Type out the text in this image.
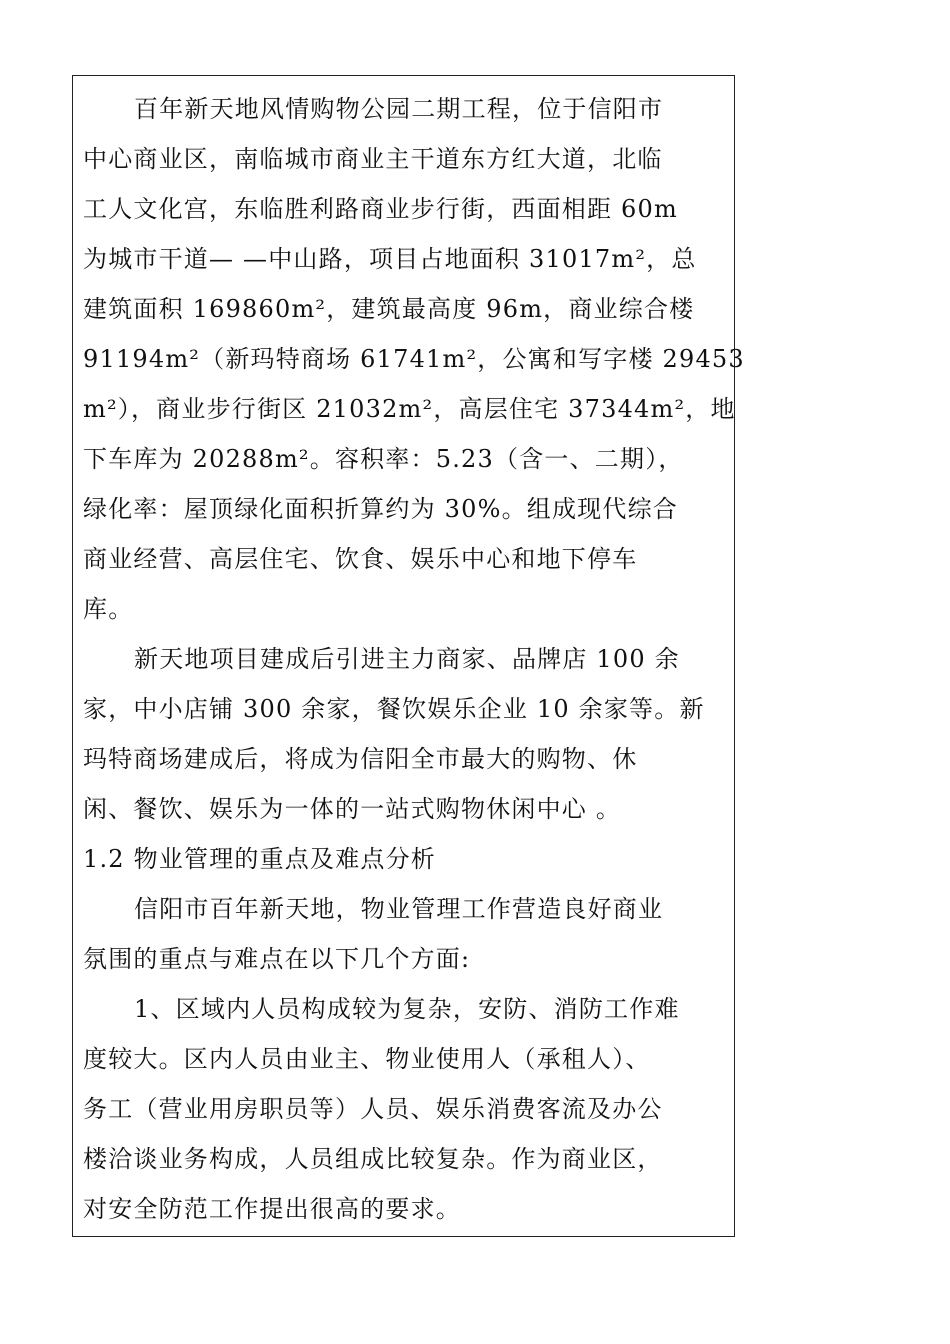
百年新天地风情购物公园二期工程，位于信阳市
中心商业区，南临城市商业主干道东方红大道，北临
工人文化宫，东临胜利路商业步行街，西面相距 60m
为城市干道— —中山路，项目占地面积 31017m²，总
建筑面积 169860m²，建筑最高度 96m，商业综合楼
91194m²（新玛特商场 61741m²，公寓和写字楼 29453
m²），商业步行街区 21032m²，高层住宅 37344m²，地
下车库为 20288m²。容积率：5.23（含一、二期），
绿化率：屋顶绿化面积折算约为 30%。组成现代综合
商业经营、高层住宅、饮食、娱乐中心和地下停车
库。
新天地项目建成后引进主力商家、品牌店 100 余
家，中小店铺 300 余家，餐饮娱乐企业 10 余家等。新
玛特商场建成后，将成为信阳全市最大的购物、休
闲、餐饮、娱乐为一体的一站式购物休闲中心 。
1.2 物业管理的重点及难点分析
信阳市百年新天地，物业管理工作营造良好商业
氛围的重点与难点在以下几个方面:
1、区域内人员构成较为复杂，安防、消防工作难
度较大。区内人员由业主、物业使用人（承租人）、
务工（营业用房职员等）人员、娱乐消费客流及办公
楼洽谈业务构成，人员组成比较复杂。作为商业区，
对安全防范工作提出很高的要求。
